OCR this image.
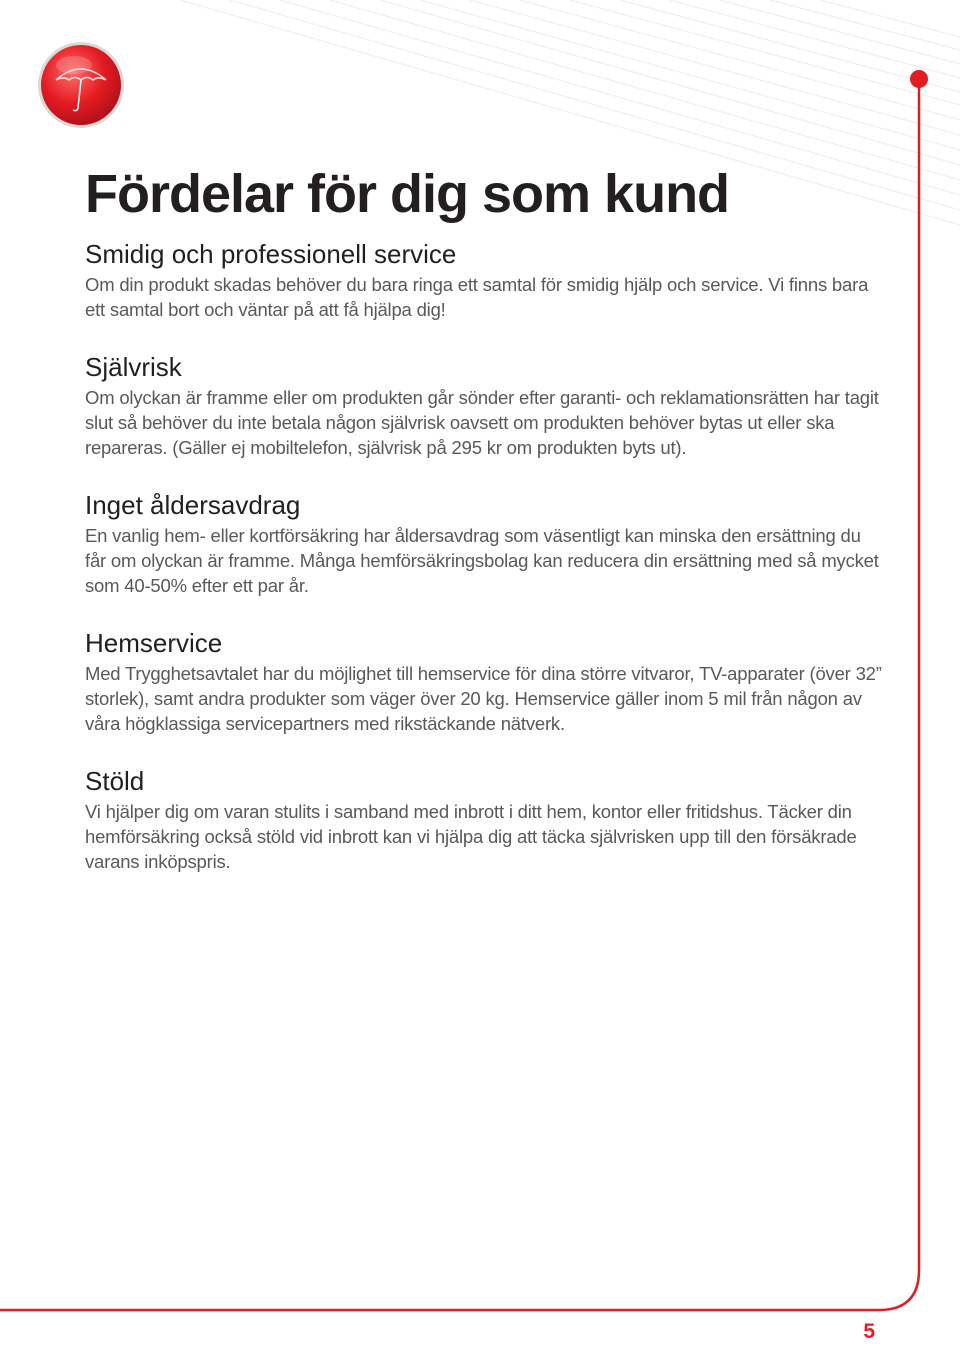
Fördelar för dig som kund
Smidig och professionell service

Om din produkt skadas behöver du bara ringa ett samtal för smidig hjälp och service. Vi finns bara ett samtal bort och väntar på att få hjälpa dig!

Självrisk

Om olyckan är framme eller om produkten går sönder efter garanti- och reklamationsrätten har tagit slut så behöver du inte betala någon självrisk oavsett om produkten behöver bytas ut eller ska repareras. (Gäller ej mobiltelefon, självrisk på 295 kr om produkten byts ut).

Inget åldersavdrag

En vanlig hem- eller kortförsäkring har åldersavdrag som väsentligt kan minska den ersättning du får om olyckan är framme. Många hemförsäkringsbolag kan reducera din ersättning med så mycket som 40-50% efter ett par år.

Hemservice

Med Trygghetsavtalet har du möjlighet till hemservice för dina större vitvaror, TV-apparater (över 32” storlek), samt andra produkter som väger över 20 kg. Hemservice gäller inom 5 mil från någon av våra högklassiga servicepartners med rikstäckande nätverk.

Stöld

Vi hjälper dig om varan stulits i samband med inbrott i ditt hem, kontor eller fritidshus. Täcker din hemförsäkring också stöld vid inbrott kan vi hjälpa dig att täcka självrisken upp till den försäkrade varans inköpspris.

5
